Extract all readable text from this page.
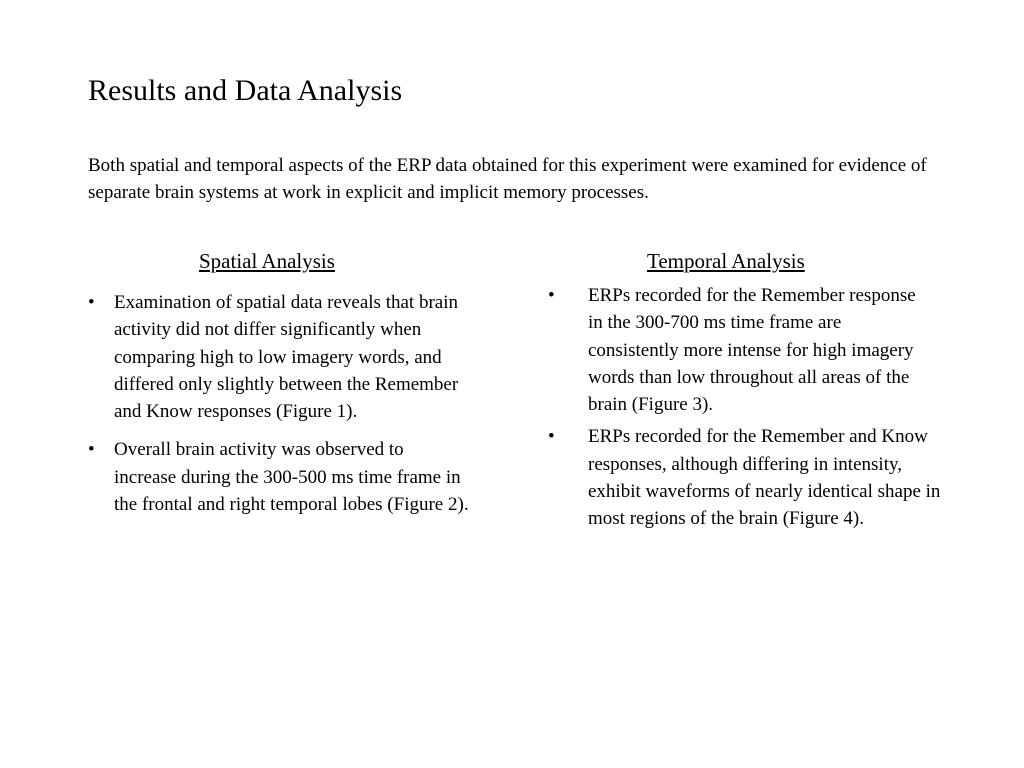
Results and Data Analysis

Both spatial and temporal aspects of the ERP data obtained for this experiment were examined for evidence of separate brain systems at work in explicit and implicit memory processes.

Spatial Analysis
• Examination of spatial data reveals that brain activity did not differ significantly when comparing high to low imagery words, and differed only slightly between the Remember and Know responses (Figure 1).
• Overall brain activity was observed to increase during the 300-500 ms time frame in the frontal and right temporal lobes (Figure 2).
Temporal Analysis
• ERPs recorded for the Remember response in the 300-700 ms time frame are consistently more intense for high imagery words than low throughout all areas of the brain (Figure 3).
• ERPs recorded for the Remember and Know responses, although differing in intensity, exhibit waveforms of nearly identical shape in most regions of the brain (Figure 4).
